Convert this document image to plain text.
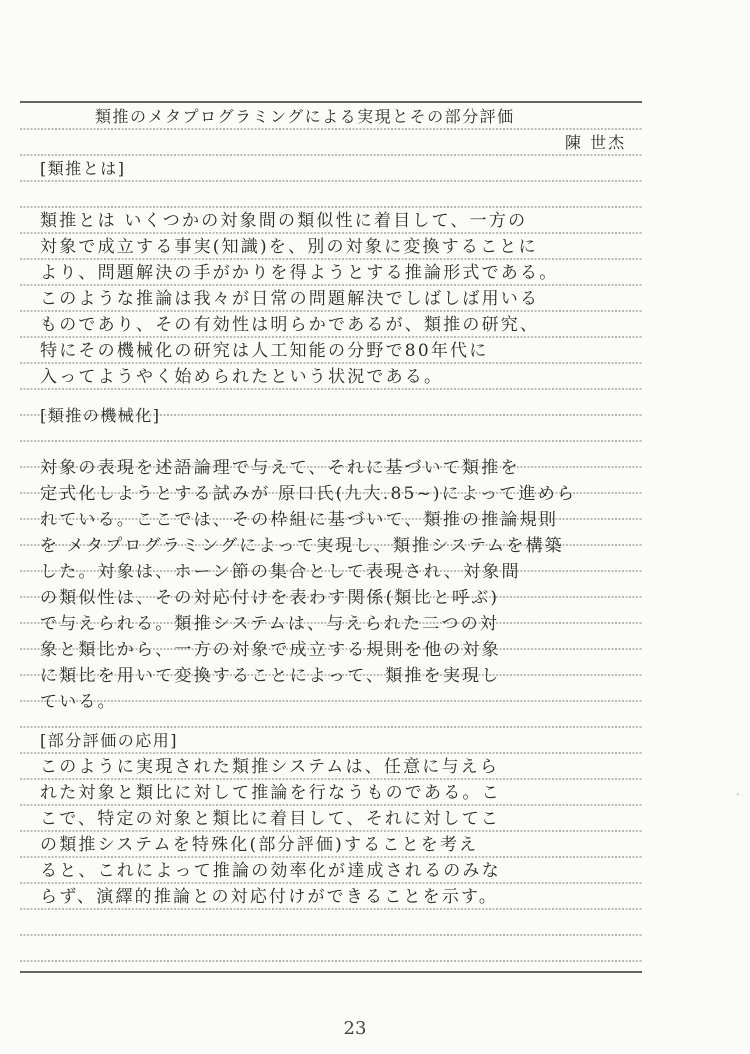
類推のメタプログラミングによる実現とその部分評価
陳 世杰
[類推とは]
類推とは いくつかの対象間の類似性に着目して、一方の
対象で成立する事実(知識)を、別の対象に変換することに
より、問題解決の手がかりを得ようとする推論形式である。
このような推論は我々が日常の問題解決でしばしば用いる
ものであり、その有効性は明らかであるが、類推の研究、
特にその機械化の研究は人工知能の分野で80年代に
入ってようやく始められたという状況である。
[類推の機械化]
対象の表現を述語論理で与えて、それに基づいて類推を
定式化しようとする試みが 原口氏(九大.85~)によって進めら
れている。ここでは、その枠組に基づいて、類推の推論規則
を メタプログラミングによって実現し、類推システムを構築
した。対象は、ホーン節の集合として表現され、対象間
の類似性は、その対応付けを表わす関係(類比と呼ぶ)
で与えられる。類推システムは、与えられた二つの対
象と類比から、一方の対象で成立する規則を他の対象
に類比を用いて変換することによって、類推を実現し
ている。
[部分評価の応用]
このように実現された類推システムは、任意に与えら
れた対象と類比に対して推論を行なうものである。こ
こで、特定の対象と類比に着目して、それに対してこ
の類推システムを特殊化(部分評価)することを考え
ると、これによって推論の効率化が達成されるのみな
らず、演繹的推論との対応付けができることを示す。
23
·
